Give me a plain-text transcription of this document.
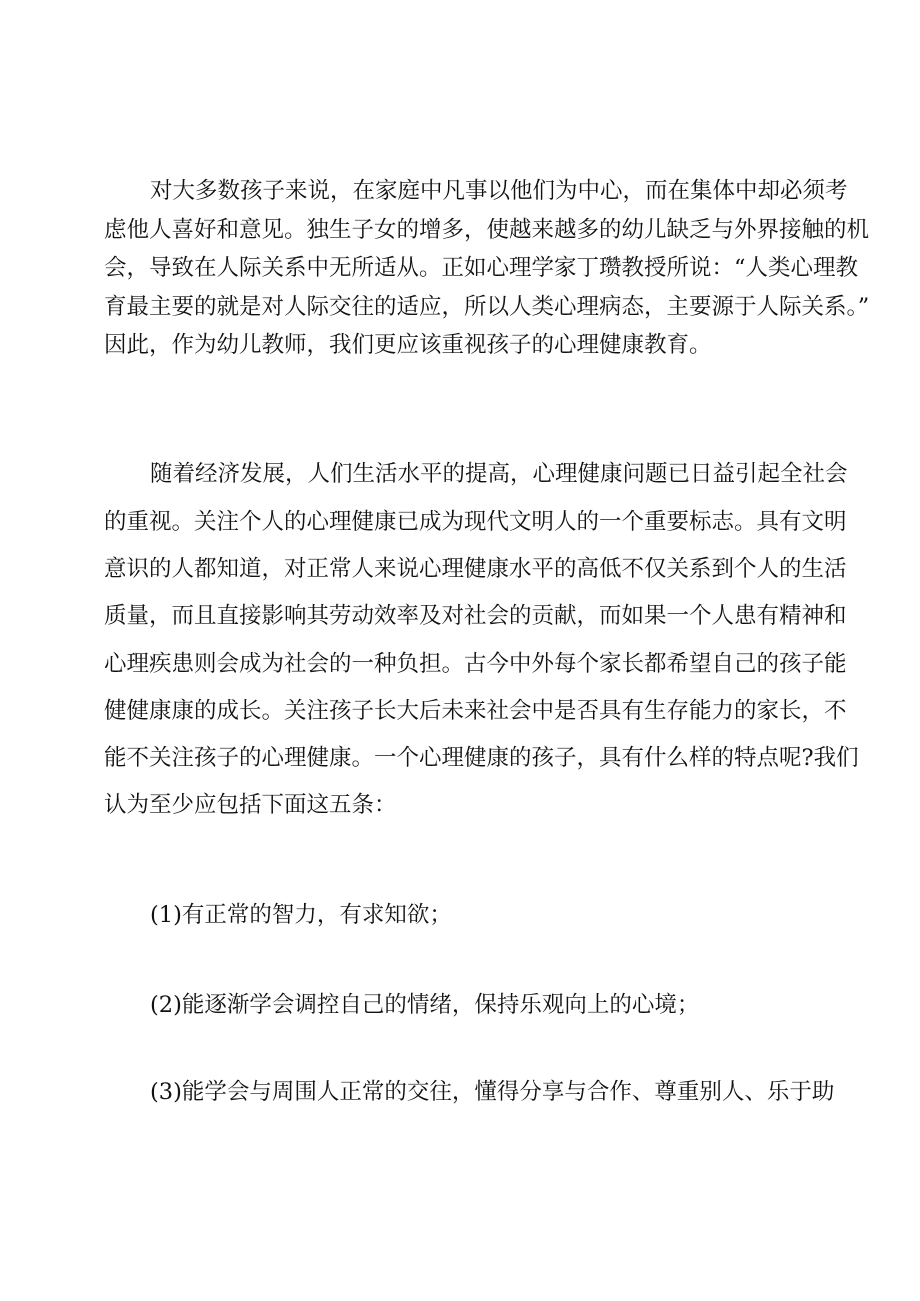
对大多数孩子来说，在家庭中凡事以他们为中心，而在集体中却必须考
虑他人喜好和意见。独生子女的增多，使越来越多的幼儿缺乏与外界接触的机
会，导致在人际关系中无所适从。正如心理学家丁瓒教授所说：“人类心理教
育最主要的就是对人际交往的适应，所以人类心理病态，主要源于人际关系。”
因此，作为幼儿教师，我们更应该重视孩子的心理健康教育。
随着经济发展，人们生活水平的提高，心理健康问题已日益引起全社会
的重视。关注个人的心理健康已成为现代文明人的一个重要标志。具有文明
意识的人都知道，对正常人来说心理健康水平的高低不仅关系到个人的生活
质量，而且直接影响其劳动效率及对社会的贡献，而如果一个人患有精神和
心理疾患则会成为社会的一种负担。古今中外每个家长都希望自己的孩子能
健健康康的成长。关注孩子长大后未来社会中是否具有生存能力的家长，不
能不关注孩子的心理健康。一个心理健康的孩子，具有什么样的特点呢?我们
认为至少应包括下面这五条：
(1)有正常的智力，有求知欲；
(2)能逐渐学会调控自己的情绪，保持乐观向上的心境；
(3)能学会与周围人正常的交往，懂得分享与合作、尊重别人、乐于助
